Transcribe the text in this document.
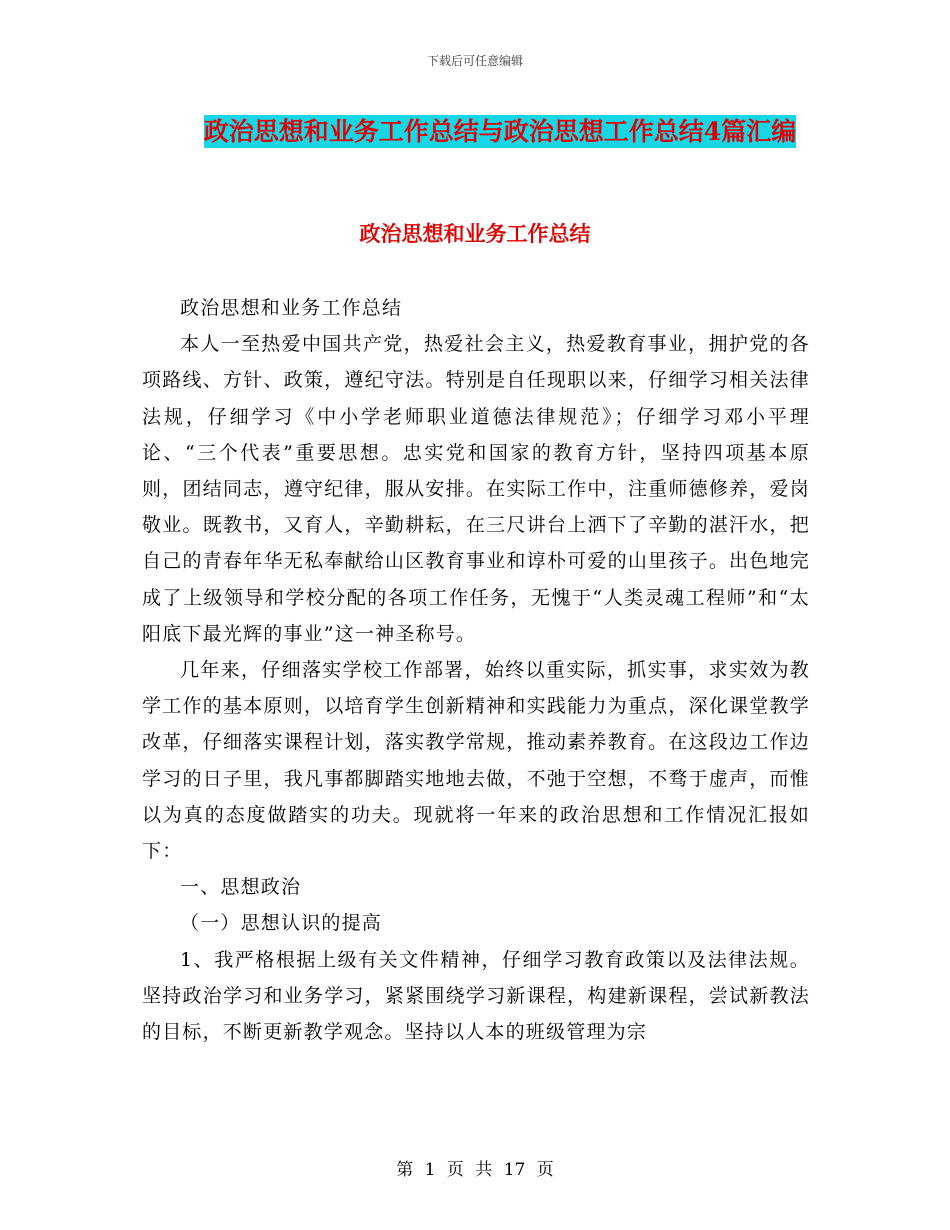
下载后可任意编辑
政治思想和业务工作总结与政治思想工作总结4篇汇编
政治思想和业务工作总结

政治思想和业务工作总结

本人一至热爱中国共产党，热爱社会主义，热爱教育事业，拥护党的各项路线、方针、政策，遵纪守法。特别是自任现职以来，仔细学习相关法律法规，仔细学习《中小学老师职业道德法律规范》；仔细学习邓小平理论、“三个代表”重要思想。忠实党和国家的教育方针，坚持四项基本原则，团结同志，遵守纪律，服从安排。在实际工作中，注重师德修养，爱岗敬业。既教书，又育人，辛勤耕耘，在三尺讲台上洒下了辛勤的湛汗水，把自己的青春年华无私奉献给山区教育事业和谆朴可爱的山里孩子。出色地完成了上级领导和学校分配的各项工作任务，无愧于“人类灵魂工程师”和“太阳底下最光辉的事业”这一神圣称号。

几年来，仔细落实学校工作部署，始终以重实际，抓实事，求实效为教学工作的基本原则，以培育学生创新精神和实践能力为重点，深化课堂教学改革，仔细落实课程计划，落实教学常规，推动素养教育。在这段边工作边学习的日子里，我凡事都脚踏实地地去做，不弛于空想，不骛于虚声，而惟以为真的态度做踏实的功夫。现就将一年来的政治思想和工作情况汇报如下：

一、思想政治

（一）思想认识的提高

1、我严格根据上级有关文件精神，仔细学习教育政策以及法律法规。坚持政治学习和业务学习，紧紧围绕学习新课程，构建新课程，尝试新教法的目标，不断更新教学观念。坚持以人本的班级管理为宗

第 1 页 共 17 页
